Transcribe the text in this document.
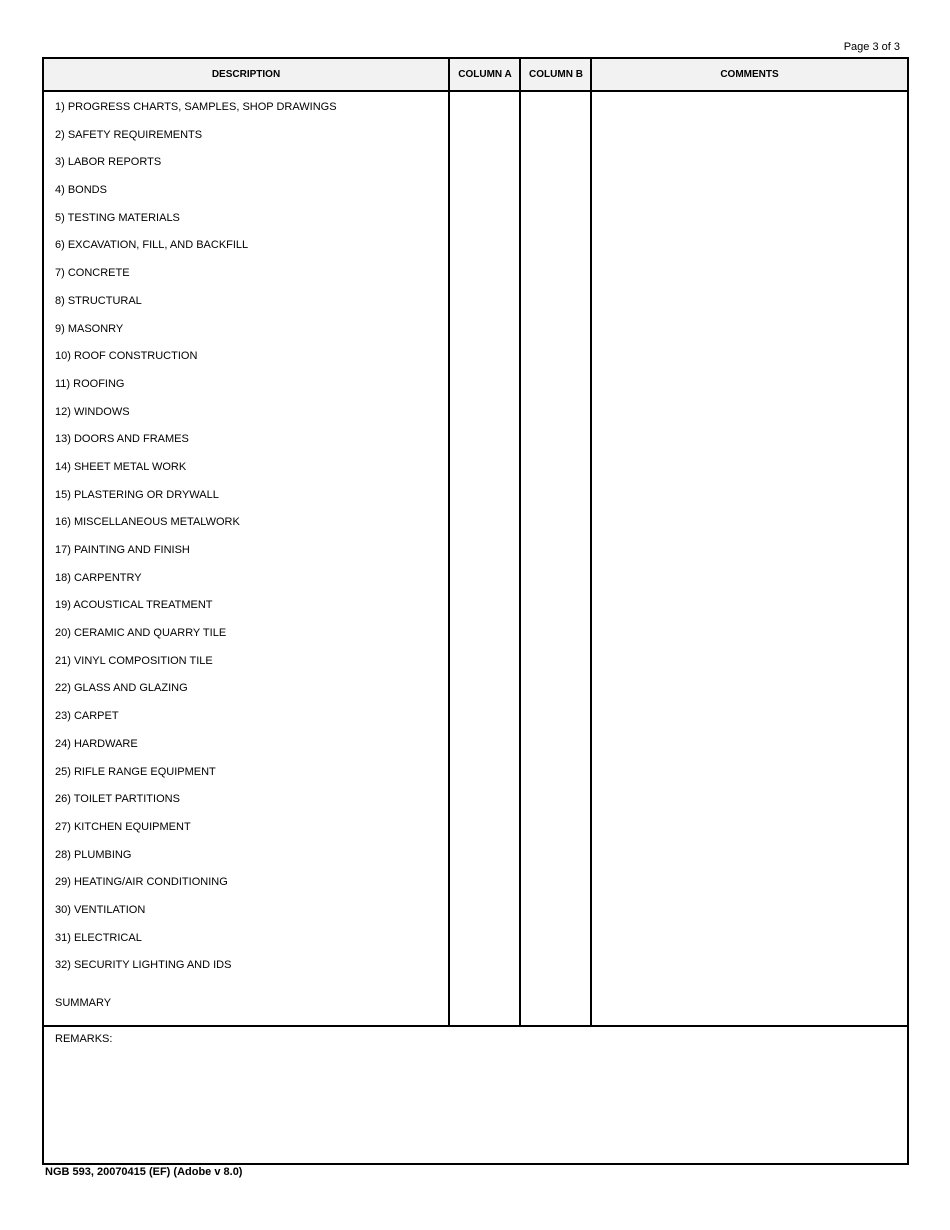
Page 3 of 3
DESCRIPTION	COLUMN A	COLUMN B	COMMENTS
1) PROGRESS CHARTS, SAMPLES, SHOP DRAWINGS
2) SAFETY REQUIREMENTS
3) LABOR REPORTS
4) BONDS
5) TESTING MATERIALS
6) EXCAVATION, FILL, AND BACKFILL
7) CONCRETE
8) STRUCTURAL
9) MASONRY
10) ROOF CONSTRUCTION
11) ROOFING
12) WINDOWS
13) DOORS AND FRAMES
14) SHEET METAL WORK
15) PLASTERING OR DRYWALL
16) MISCELLANEOUS METALWORK
17) PAINTING AND FINISH
18) CARPENTRY
19) ACOUSTICAL TREATMENT
20) CERAMIC AND QUARRY TILE
21) VINYL COMPOSITION TILE
22) GLASS AND GLAZING
23) CARPET
24) HARDWARE
25) RIFLE RANGE EQUIPMENT
26) TOILET PARTITIONS
27) KITCHEN EQUIPMENT
28) PLUMBING
29) HEATING/AIR CONDITIONING
30) VENTILATION
31) ELECTRICAL
32) SECURITY LIGHTING AND IDS
SUMMARY
REMARKS:
NGB 593, 20070415 (EF) (Adobe v 8.0)
